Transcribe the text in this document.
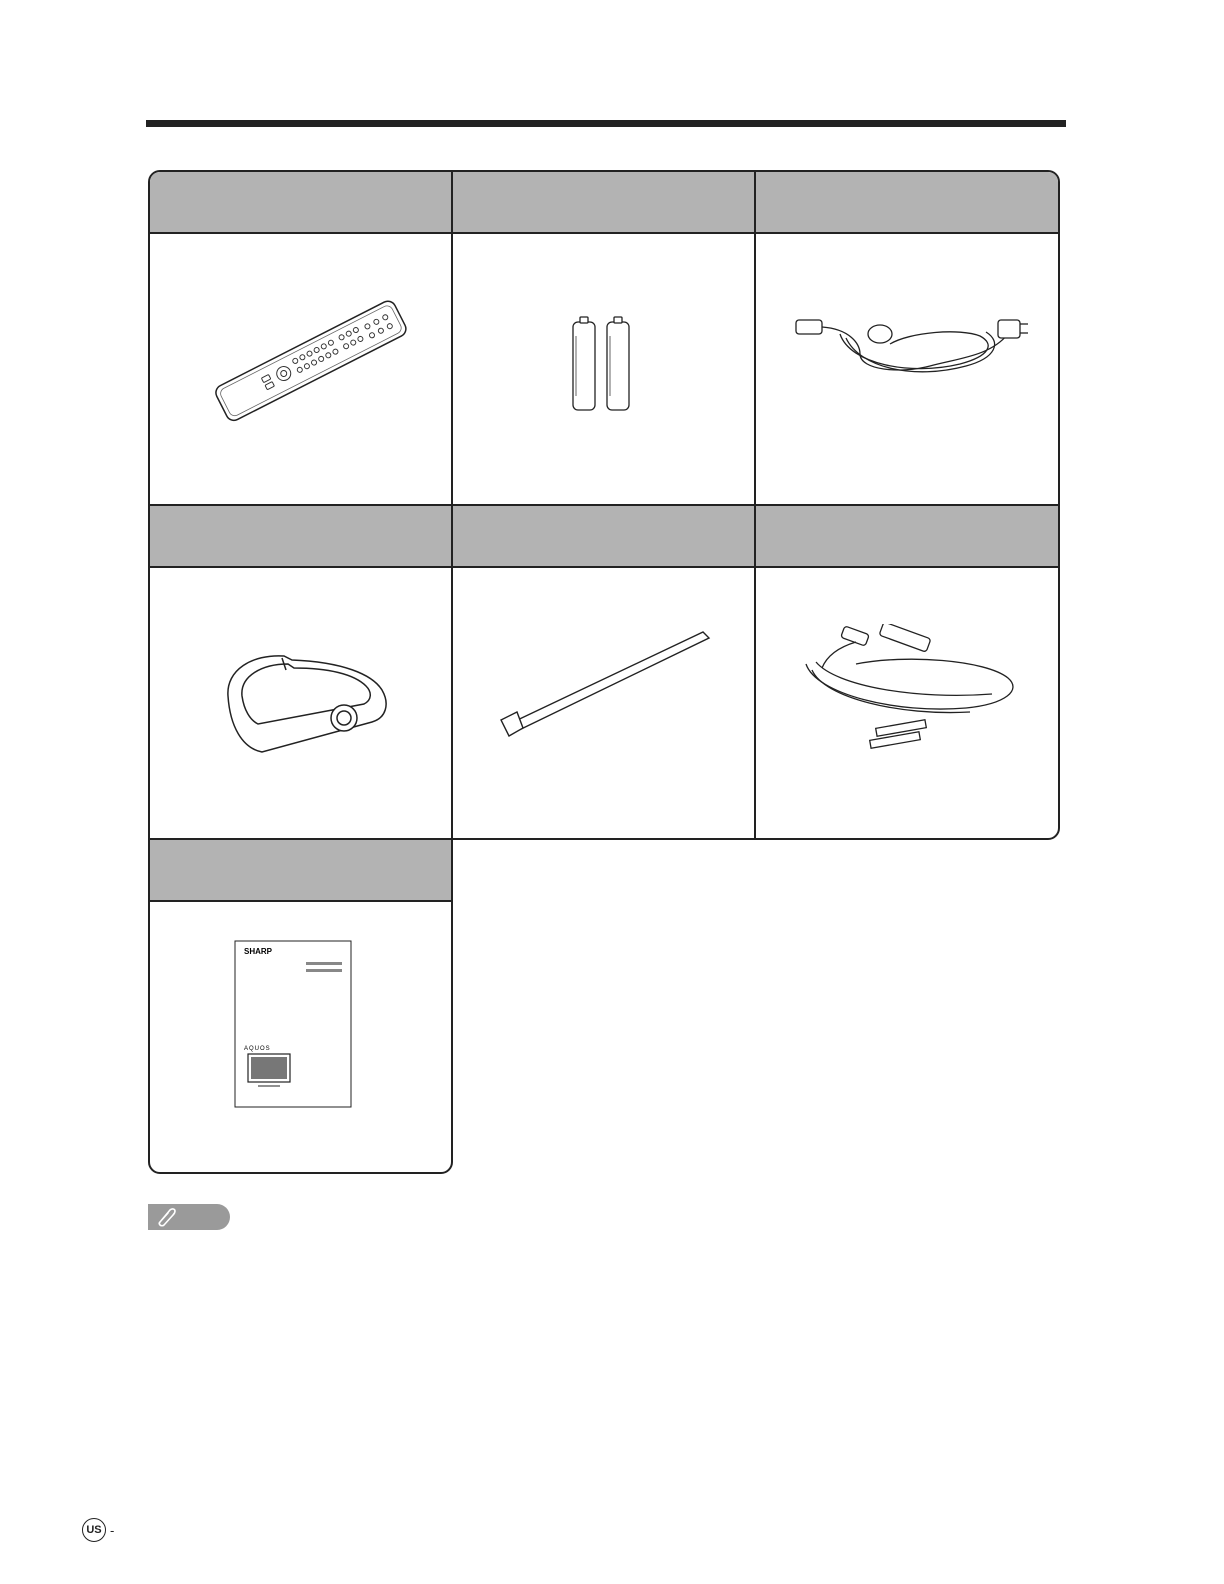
SHARP
AQUOS
US -
